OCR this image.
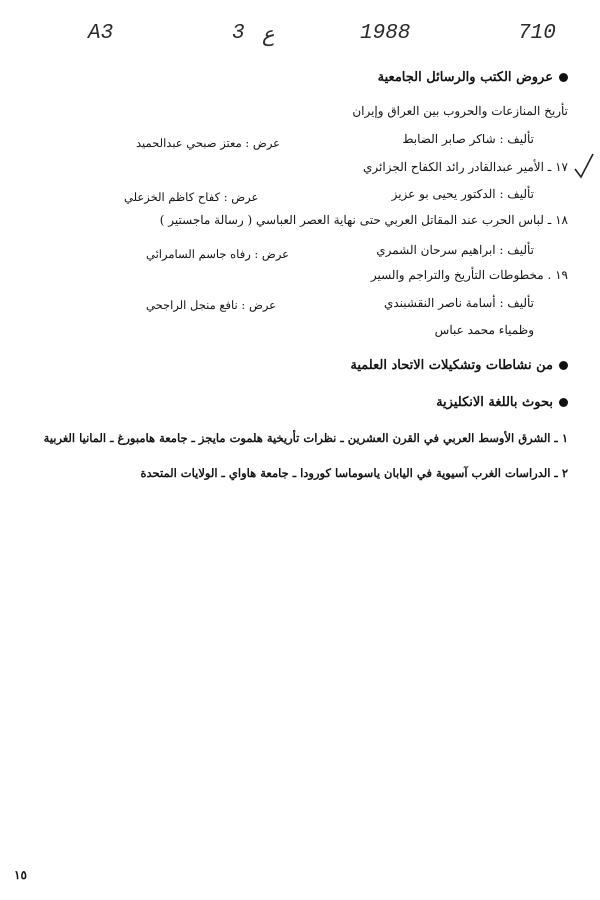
A3	3 ع	1988	710
عروض الكتب والرسائل الجامعية
تأريخ المنازعات والحروب بين العراق وإيران
تأليف : شاكر صابر الضابط
عرض : معتز صبحي عبدالحميد
١٧ ـ الأمير عبدالقادر رائد الكفاح الجزائري
تأليف : الدكتور يحيى بو عزيز
عرض : كفاح كاظم الخزعلي
١٨ ـ لباس الحرب عند المقاتل العربي حتى نهاية العصر العباسي ( رسالة ماجستير )
تأليف : ابراهيم سرحان الشمري
عرض : رفاه جاسم السامرائي
١٩ . مخطوطات التأريخ والتراجم والسير
تأليف : أسامة ناصر النقشبندي
عرض : نافع منجل الراجحي
وظمياء محمد عباس
من نشاطات وتشكيلات الاتحاد العلمية
بحوث باللغة الانكليزية
١ ـ الشرق الأوسط العربي في القرن العشرين ـ نظرات تأريخية هلموت مايجز ـ جامعة هامبورغ ـ المانيا الغربية
٢ ـ الدراسات الغرب آسيوية في اليابان ياسوماسا كورودا ـ جامعة هاواي ـ الولايات المتحدة
١٥
